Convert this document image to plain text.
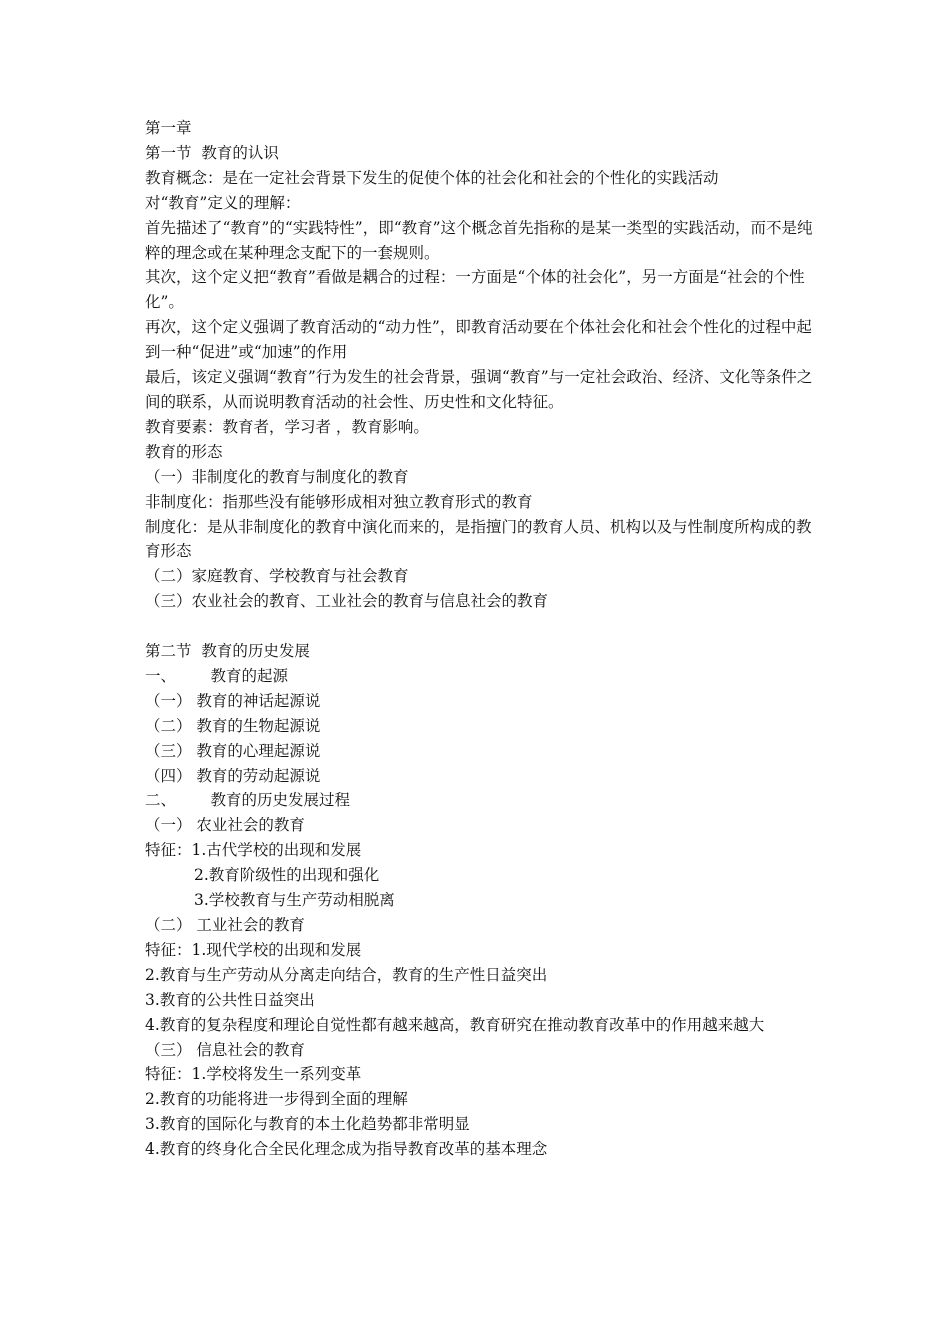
第一章
第一节  教育的认识
教育概念：是在一定社会背景下发生的促使个体的社会化和社会的个性化的实践活动
对“教育”定义的理解：
首先描述了“教育”的“实践特性”，即“教育”这个概念首先指称的是某一类型的实践活动，而不是纯粹的理念或在某种理念支配下的一套规则。
其次，这个定义把“教育”看做是耦合的过程：一方面是“个体的社会化”，另一方面是“社会的个性化”。
再次，这个定义强调了教育活动的“动力性”，即教育活动要在个体社会化和社会个性化的过程中起到一种“促进”或“加速”的作用
最后，该定义强调“教育”行为发生的社会背景，强调“教育”与一定社会政治、经济、文化等条件之间的联系，从而说明教育活动的社会性、历史性和文化特征。
教育要素：教育者，学习者 ，教育影响。
教育的形态
（一）非制度化的教育与制度化的教育
非制度化：指那些没有能够形成相对独立教育形式的教育
制度化：是从非制度化的教育中演化而来的，是指擅门的教育人员、机构以及与性制度所构成的教育形态
（二）家庭教育、学校教育与社会教育
（三）农业社会的教育、工业社会的教育与信息社会的教育
第二节  教育的历史发展
一、       教育的起源
（一） 教育的神话起源说
（二） 教育的生物起源说
（三） 教育的心理起源说
（四） 教育的劳动起源说
二、       教育的历史发展过程
（一） 农业社会的教育
特征：1.古代学校的出现和发展
2.教育阶级性的出现和强化
3.学校教育与生产劳动相脱离
（二） 工业社会的教育
特征：1.现代学校的出现和发展
2.教育与生产劳动从分离走向结合，教育的生产性日益突出
3.教育的公共性日益突出
4.教育的复杂程度和理论自觉性都有越来越高，教育研究在推动教育改革中的作用越来越大
（三） 信息社会的教育
特征：1.学校将发生一系列变革
2.教育的功能将进一步得到全面的理解
3.教育的国际化与教育的本土化趋势都非常明显
4.教育的终身化合全民化理念成为指导教育改革的基本理念
